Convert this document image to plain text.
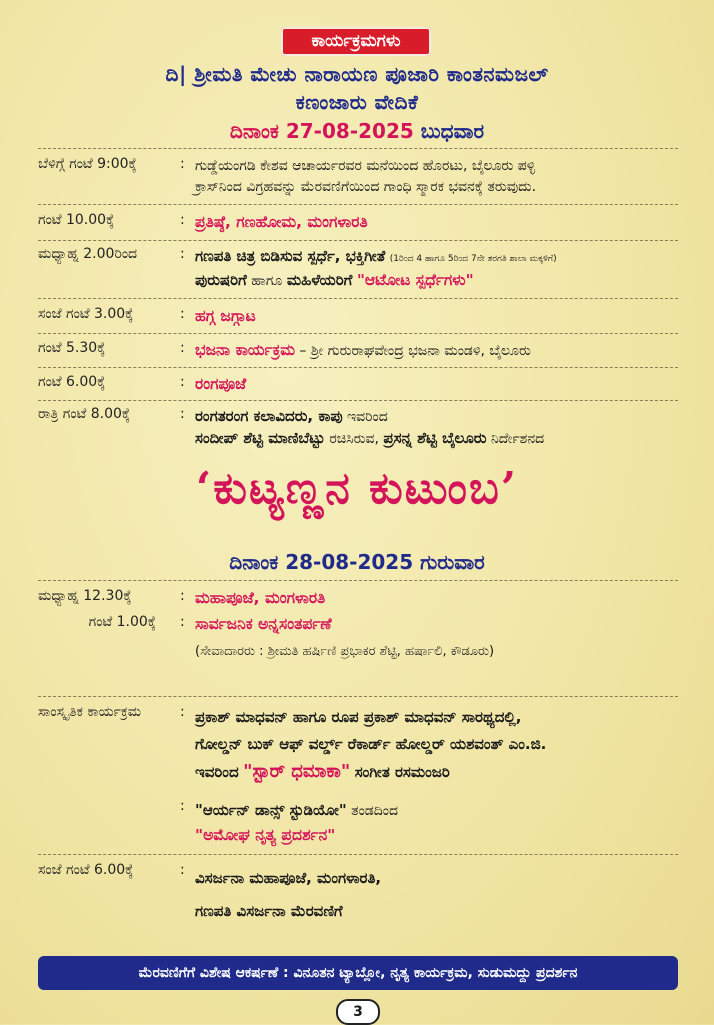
ಕಾರ್ಯಕ್ರಮಗಳು
ದಿ| ಶ್ರೀಮತಿ ಮೇಚು ನಾರಾಯಣ ಪೂಜಾರಿ ಕಾಂತನಮಜಲ್
ಕಣಂಜಾರು ವೇದಿಕೆ
ದಿನಾಂಕ 27-08-2025 ಬುಧವಾರ
ಬೆಳಿಗ್ಗೆ ಗಂಟೆ 9:00ಕ್ಕೆ	: ಗುಡ್ಡೆಯಂಗಡಿ ಕೇಶವ ಆಚಾರ್ಯರವರ ಮನೆಯಿಂದ ಹೊರಟು, ಬೈಲೂರು ಪಳ್ಳಿ
ಕ್ರಾಸ್‌ನಿಂದ ವಿಗ್ರಹವನ್ನು ಮೆರವಣಿಗೆಯಿಂದ ಗಾಂಧಿ ಸ್ಮಾರಕ ಭವನಕ್ಕೆ ತರುವುದು.
ಗಂಟೆ 10.00ಕ್ಕೆ	: ಪ್ರತಿಷ್ಠೆ, ಗಣಹೋಮ, ಮಂಗಳಾರತಿ
ಮಧ್ಯಾಹ್ನ 2.00ರಿಂದ	: ಗಣಪತಿ ಚಿತ್ರ ಬಿಡಿಸುವ ಸ್ಪರ್ಧೆ, ಭಕ್ತಿಗೀತೆ (1ರಿಂದ 4 ಹಾಗೂ 5ರಿಂದ 7ನೇ ತರಗತಿ ಶಾಲಾ ಮಕ್ಕಳಿಗೆ)
ಪುರುಷರಿಗೆ ಹಾಗೂ ಮಹಿಳೆಯರಿಗೆ "ಆಟೋಟ ಸ್ಪರ್ಧೆಗಳು"
ಸಂಜೆ ಗಂಟೆ 3.00ಕ್ಕೆ	: ಹಗ್ಗ ಜಗ್ಗಾಟ
ಗಂಟೆ 5.30ಕ್ಕೆ	: ಭಜನಾ ಕಾರ್ಯಕ್ರಮ – ಶ್ರೀ ಗುರುರಾಘವೇಂದ್ರ ಭಜನಾ ಮಂಡಳಿ, ಬೈಲೂರು
ಗಂಟೆ 6.00ಕ್ಕೆ	: ರಂಗಪೂಜೆ
ರಾತ್ರಿ ಗಂಟೆ 8.00ಕ್ಕೆ	: ರಂಗತರಂಗ ಕಲಾವಿದರು, ಕಾಪು ಇವರಿಂದ
ಸಂದೀಪ್ ಶೆಟ್ಟಿ ಮಾಣಿಬೆಟ್ಟು ರಚಿಸಿರುವ, ಪ್ರಸನ್ನ ಶೆಟ್ಟಿ ಬೈಲೂರು ನಿರ್ದೇಶನದ
‘ಕುಟ್ಯಣ್ಣನ ಕುಟುಂಬ’
ದಿನಾಂಕ 28-08-2025 ಗುರುವಾರ
ಮಧ್ಯಾಹ್ನ 12.30ಕ್ಕೆ	: ಮಹಾಪೂಜೆ, ಮಂಗಳಾರತಿ
ಗಂಟೆ 1.00ಕ್ಕೆ : ಸಾರ್ವಜನಿಕ ಅನ್ನಸಂತರ್ಪಣೆ
(ಸೇವಾದಾರರು : ಶ್ರೀಮತಿ ಹರ್ಷಿಣಿ ಪ್ರಭಾಕರ ಶೆಟ್ಟಿ, ಹರ್ಷಾಲಿ, ಕೌಡೂರು)
ಸಾಂಸ್ಕೃತಿಕ ಕಾರ್ಯಕ್ರಮ	: ಪ್ರಕಾಶ್ ಮಾಧವನ್ ಹಾಗೂ ರೂಪ ಪ್ರಕಾಶ್ ಮಾಧವನ್ ಸಾರಥ್ಯದಲ್ಲಿ,
ಗೋಲ್ಡನ್ ಬುಕ್ ಆಫ್ ವರ್ಲ್ಡ್ ರೆಕಾರ್ಡ್ ಹೋಲ್ಡರ್ ಯಶವಂತ್ ಎಂ.ಜಿ.
ಇವರಿಂದ "ಸ್ಟಾರ್ ಧಮಾಕಾ" ಸಂಗೀತ ರಸಮಂಜರಿ
: "ಆರ್ಯನ್ ಡಾನ್ಸ್ ಸ್ಟುಡಿಯೋ" ತಂಡದಿಂದ
"ಅಮೋಘ ನೃತ್ಯ ಪ್ರದರ್ಶನ"
ಸಂಜೆ ಗಂಟೆ 6.00ಕ್ಕೆ	: ವಿಸರ್ಜನಾ ಮಹಾಪೂಜೆ, ಮಂಗಳಾರತಿ,
ಗಣಪತಿ ವಿಸರ್ಜನಾ ಮೆರವಣಿಗೆ
ಮೆರವಣಿಗೆಗೆ ವಿಶೇಷ ಆಕರ್ಷಣೆ : ವಿನೂತನ ಟ್ಯಾಬ್ಲೋ, ನೃತ್ಯ ಕಾರ್ಯಕ್ರಮ, ಸುಡುಮದ್ದು ಪ್ರದರ್ಶನ
3
